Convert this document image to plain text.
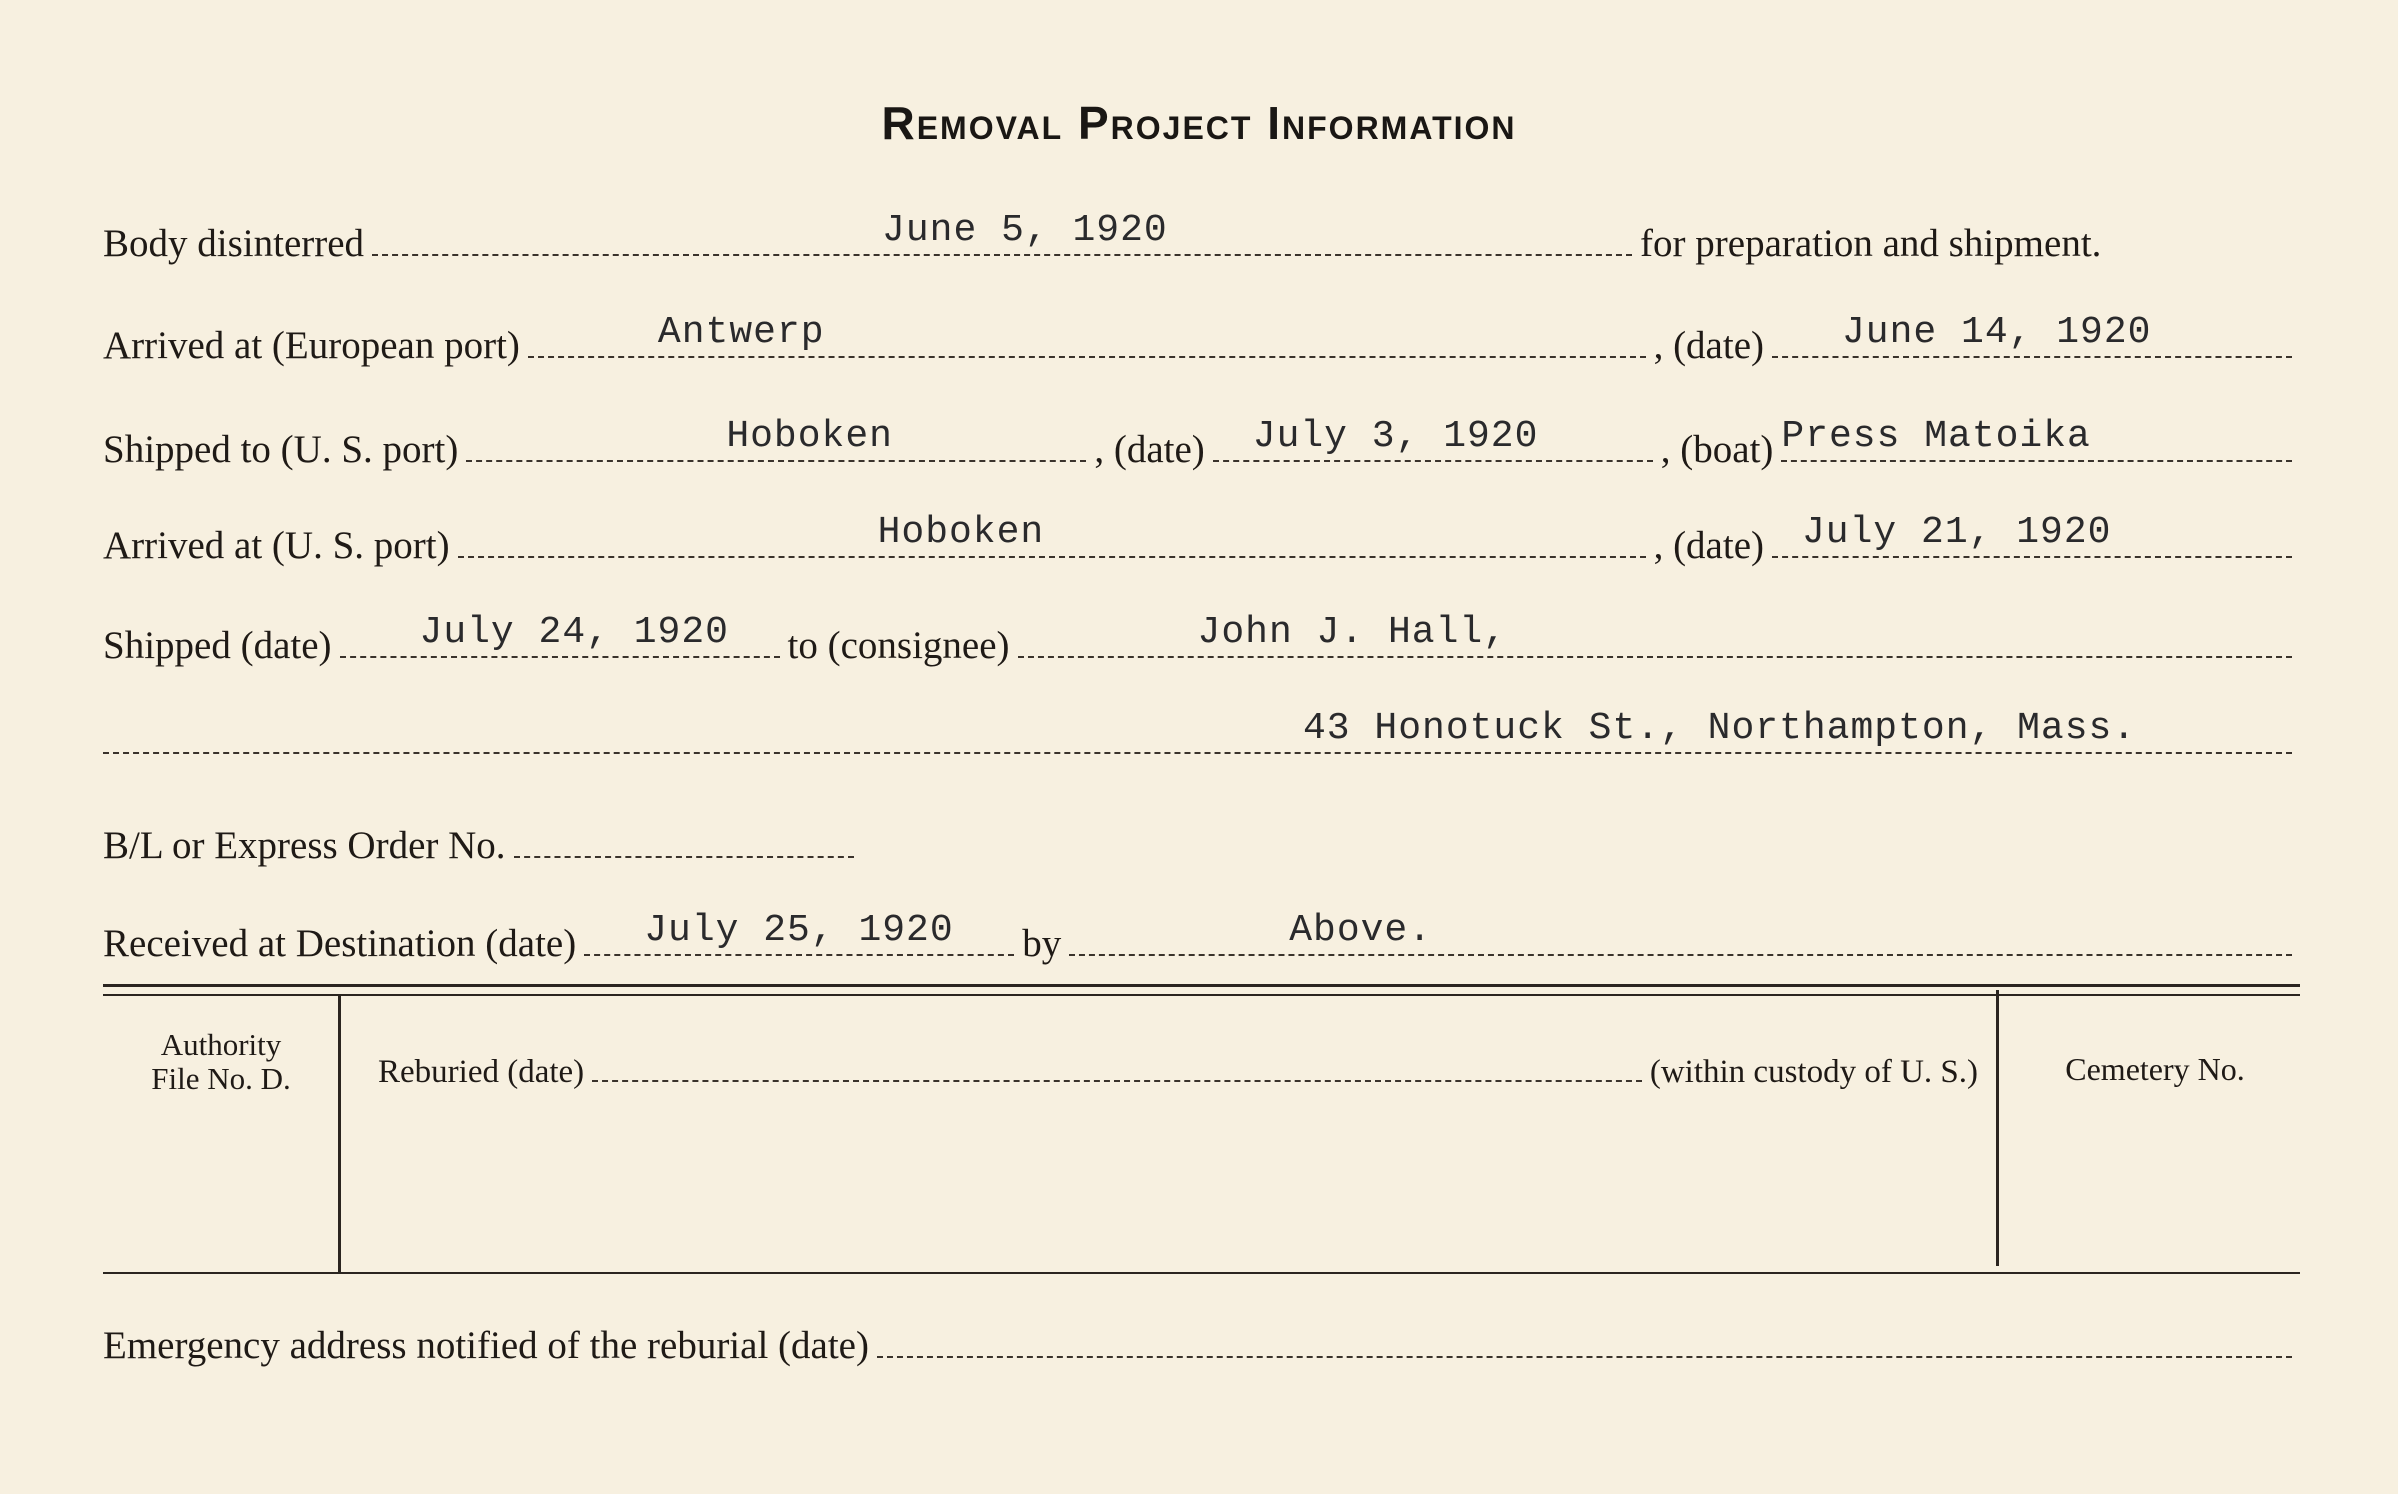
Removal Project Information
Body disinterred	June 5, 1920	for preparation and shipment.
Arrived at (European port)	Antwerp	, (date) June 14, 1920
Shipped to (U. S. port)	Hoboken	, (date) July 3, 1920	, (boat) Press Matoika
Arrived at (U. S. port)	Hoboken	, (date) July 21, 1920
Shipped (date) July 24, 1920 to (consignee)	John J. Hall,
43 Honotuck St., Northampton, Mass.
B/L or Express Order No.
Received at Destination (date) July 25, 1920 by	Above.
Authority
File No. D.	Reburied (date)	(within custody of U. S.)	Cemetery No.
Emergency address notified of the reburial (date)
